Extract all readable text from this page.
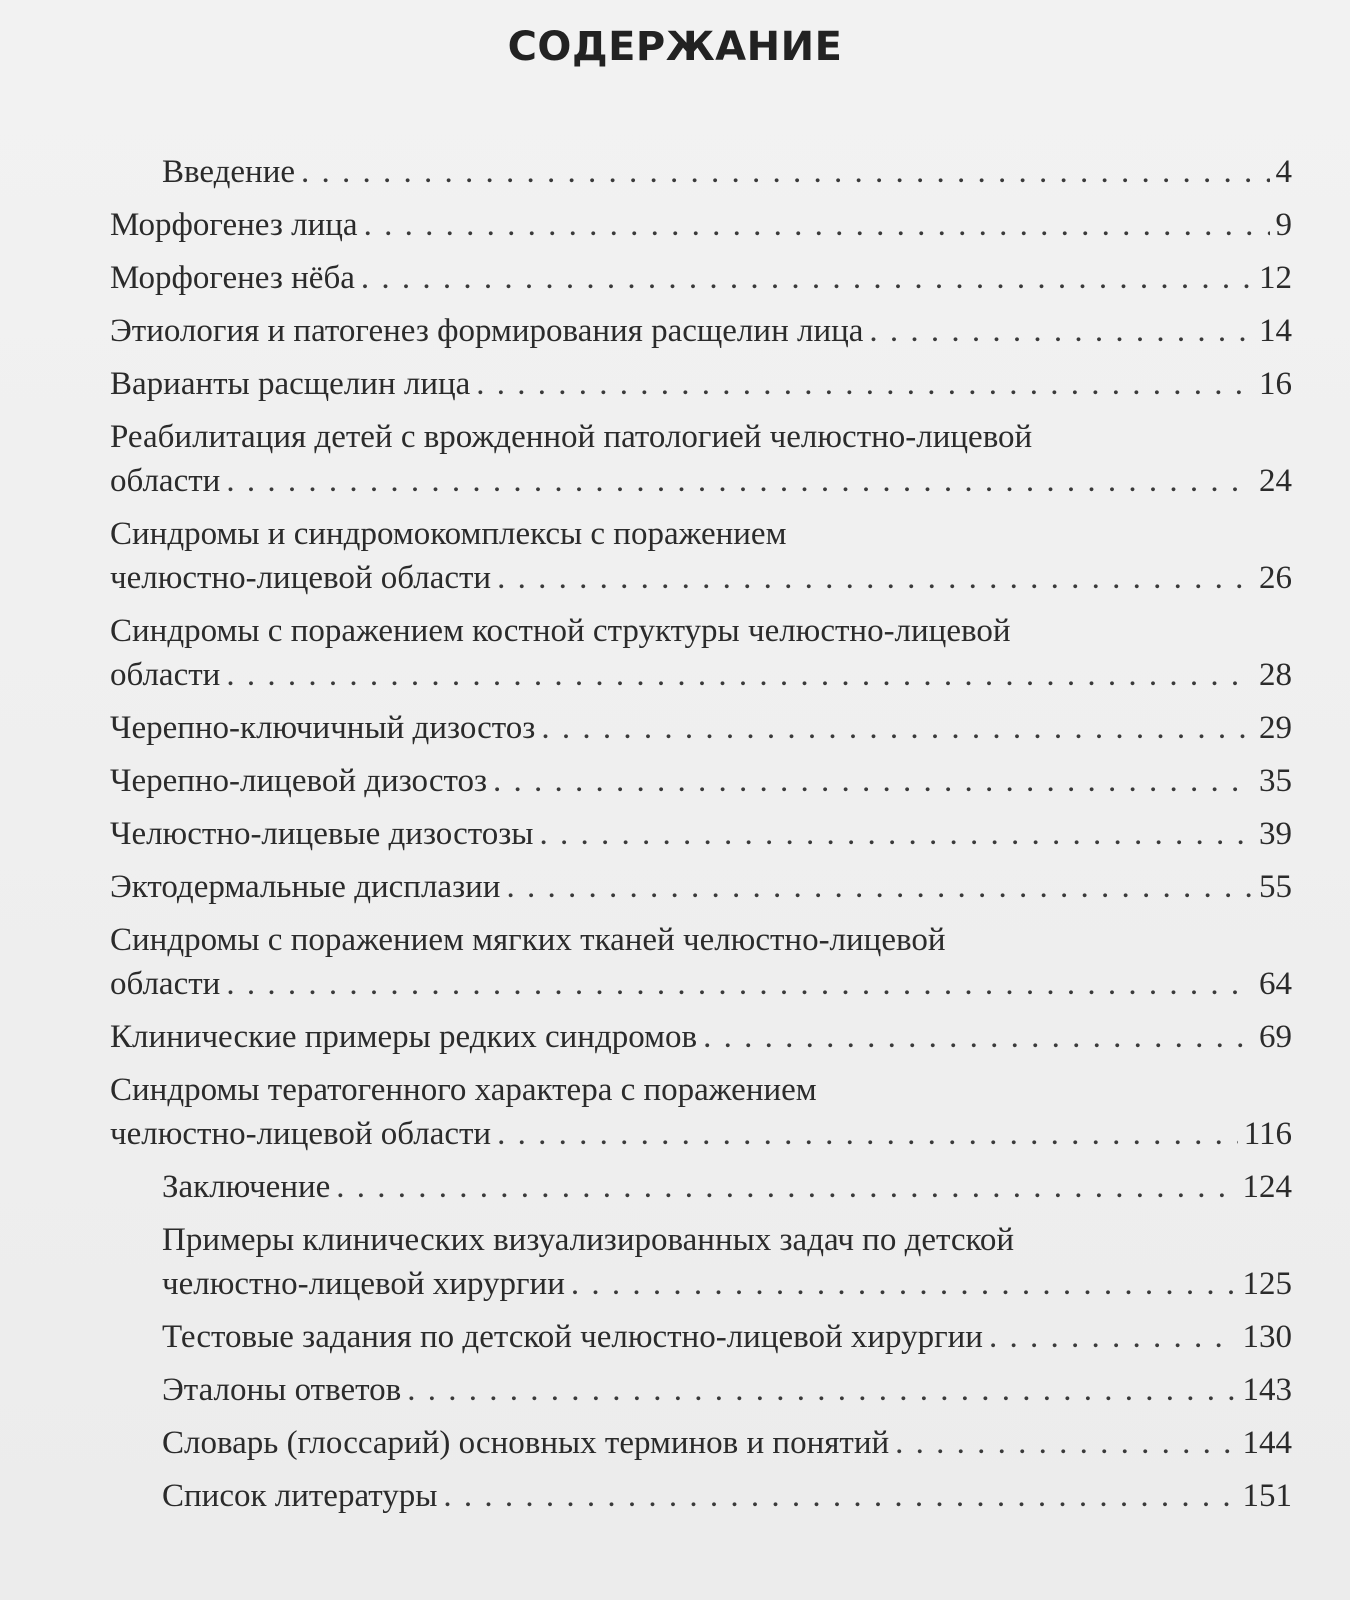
СОДЕРЖАНИЕ
Введение . . .	4
Морфогенез лица . . .	9
Морфогенез нёба . . .	12
Этиология и патогенез формирования расщелин лица . . .	14
Варианты расщелин лица . . .	16
Реабилитация детей с врожденной патологией челюстно-лицевой
области . . .	24
Синдромы и синдромокомплексы с поражением
челюстно-лицевой области . . .	26
Синдромы с поражением костной структуры челюстно-лицевой
области . . .	28
Черепно-ключичный дизостоз . . .	29
Черепно-лицевой дизостоз . . .	35
Челюстно-лицевые дизостозы . . .	39
Эктодермальные дисплазии . . .	55
Синдромы с поражением мягких тканей челюстно-лицевой
области . . .	64
Клинические примеры редких синдромов . . .	69
Синдромы тератогенного характера с поражением
челюстно-лицевой области . . .	116
Заключение . . .	124
Примеры клинических визуализированных задач по детской
челюстно-лицевой хирургии . . .	125
Тестовые задания по детской челюстно-лицевой хирургии . . .	130
Эталоны ответов . . .	143
Словарь (глоссарий) основных терминов и понятий . . .	144
Список литературы . . .	151
